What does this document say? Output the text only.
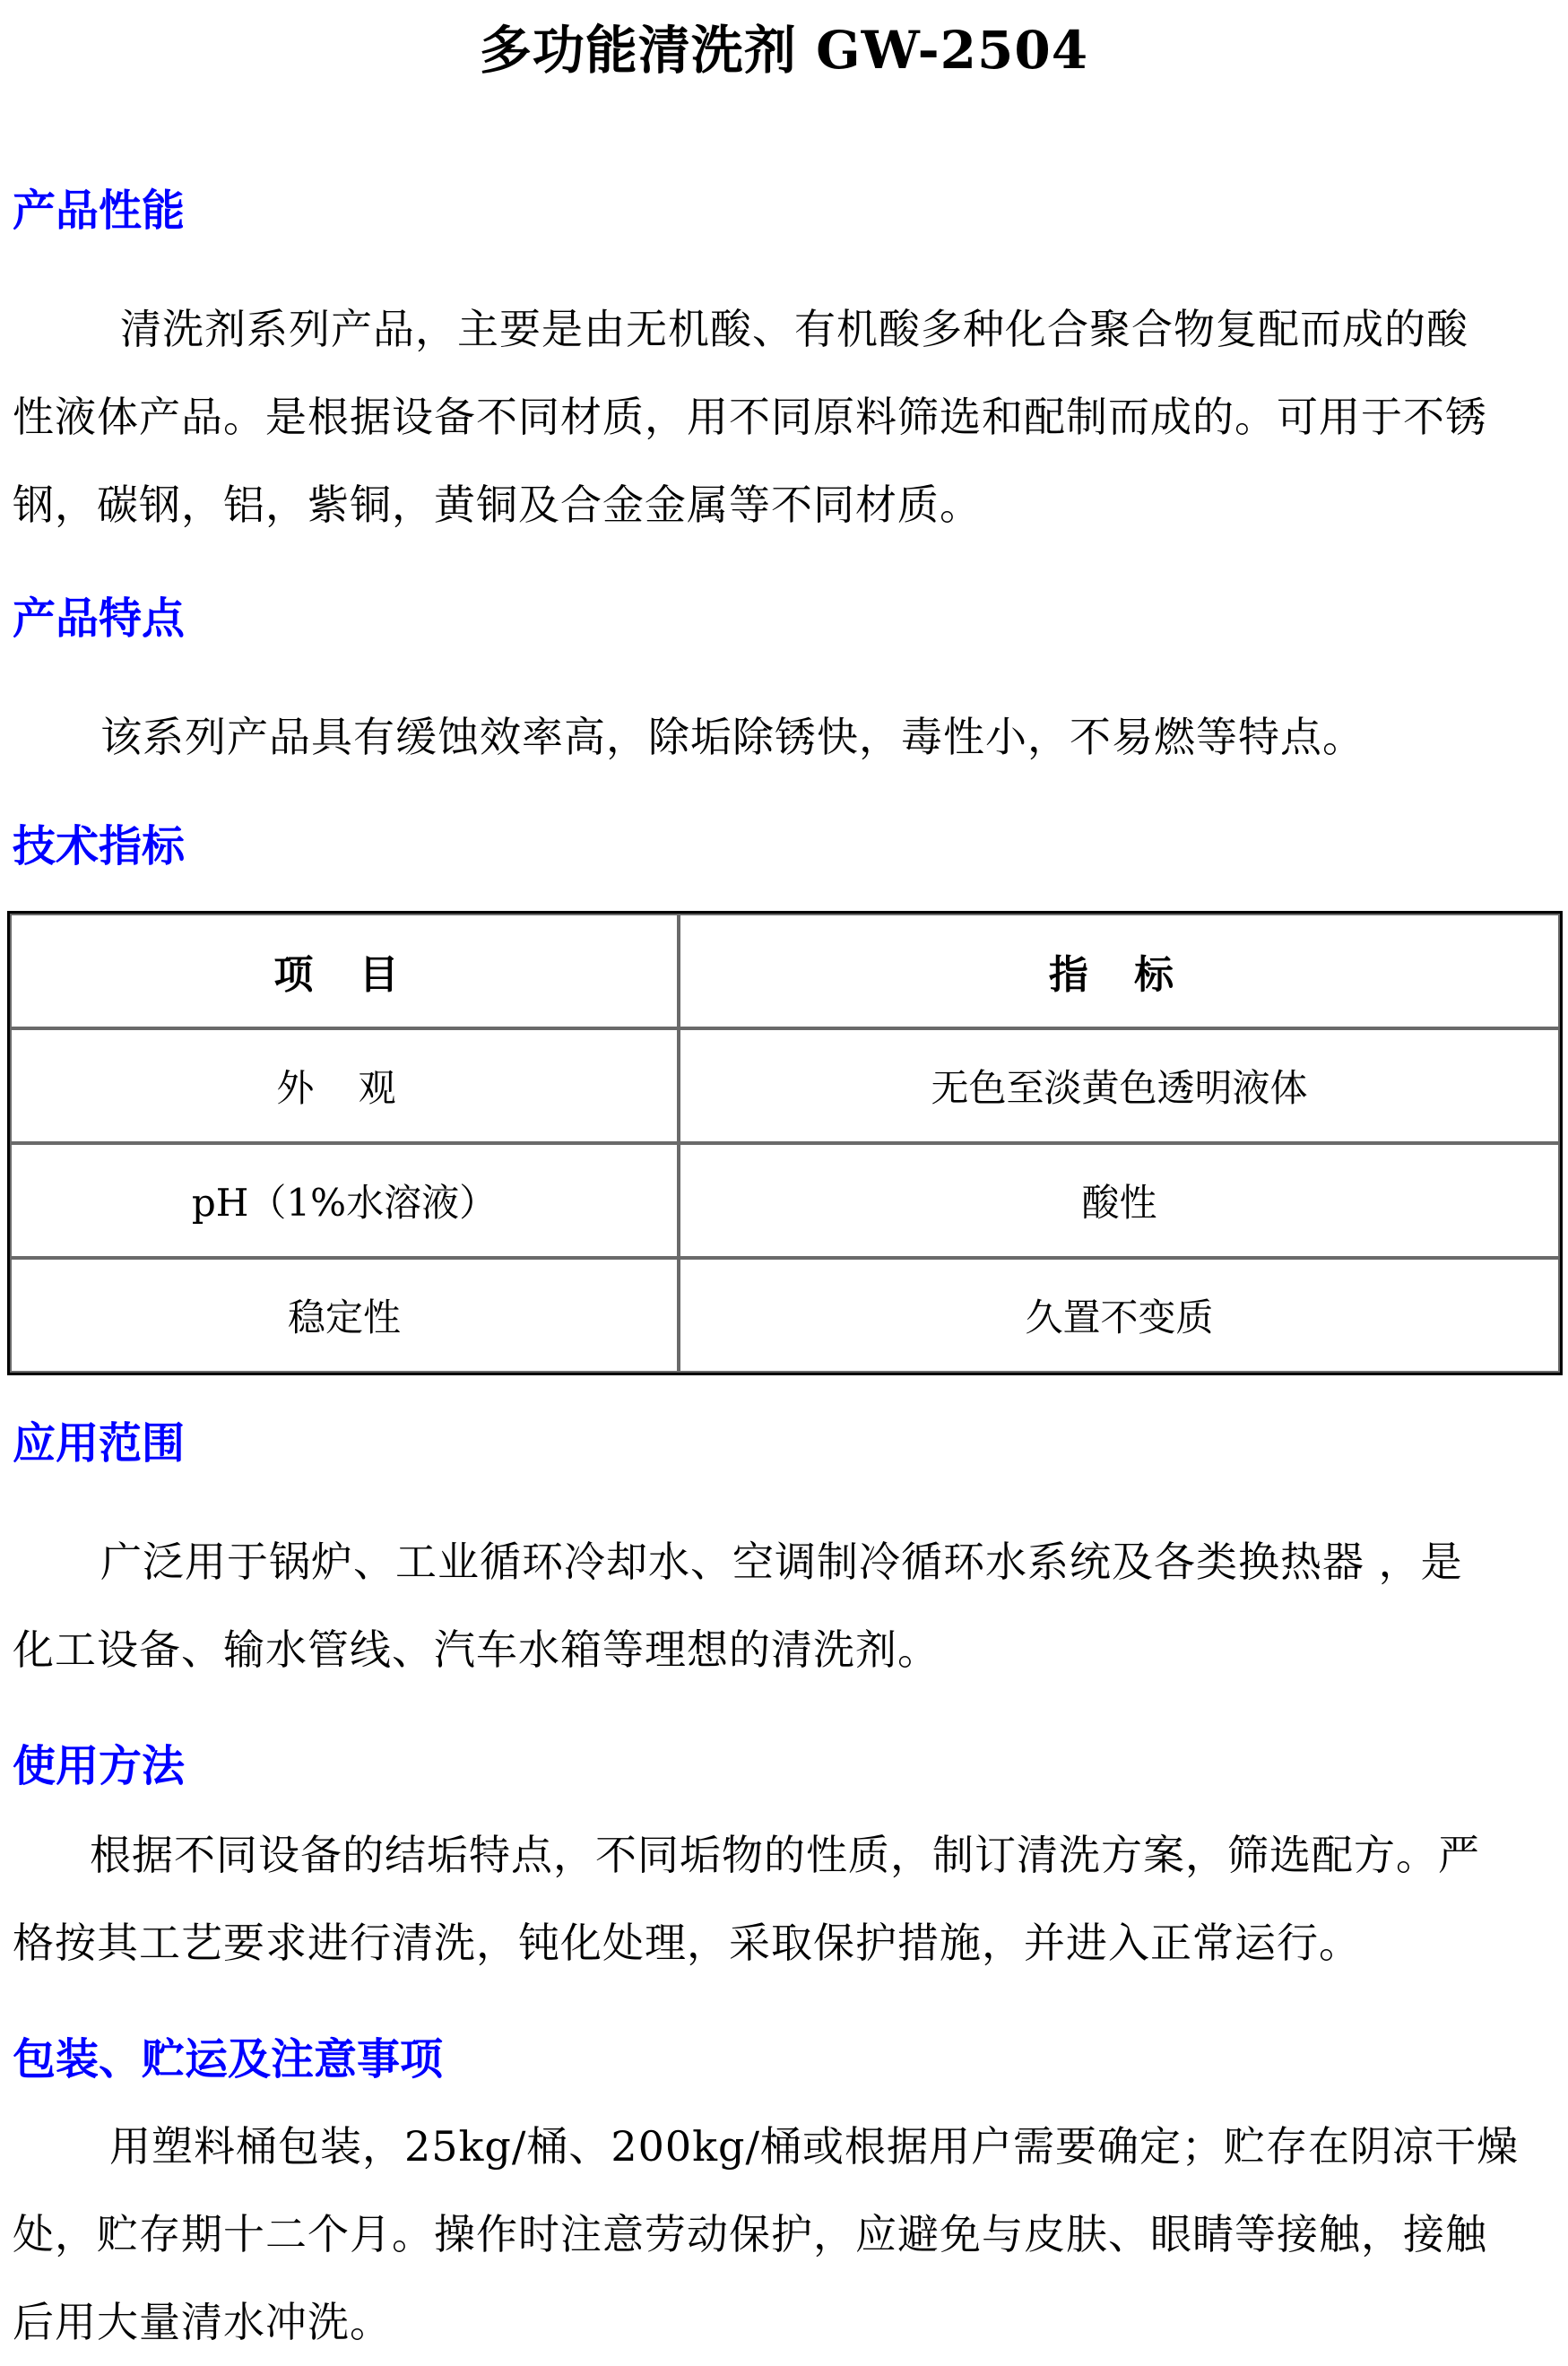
多功能清洗剂 GW-2504
产品性能

清洗剂系列产品，主要是由无机酸、有机酸多种化合聚合物复配而成的酸
性液体产品。是根据设备不同材质，用不同原料筛选和配制而成的。可用于不锈
钢，碳钢，铝，紫铜，黄铜及合金金属等不同材质。

产品特点

该系列产品具有缓蚀效率高，除垢除锈快，毒性小，不易燃等特点。

技术指标
项 目	指 标
外 观	无色至淡黄色透明液体
pH（1%水溶液）	酸性
稳定性	久置不变质
应用范围

广泛用于锅炉、工业循环冷却水、空调制冷循环水系统及各类换热器 ，是
化工设备、输水管线、汽车水箱等理想的清洗剂。

使用方法

根据不同设备的结垢特点，不同垢物的性质，制订清洗方案，筛选配方。严
格按其工艺要求进行清洗，钝化处理，采取保护措施，并进入正常运行。

包装、贮运及注意事项

用塑料桶包装，25kg/桶、200kg/桶或根据用户需要确定；贮存在阴凉干燥
处，贮存期十二个月。操作时注意劳动保护，应避免与皮肤、眼睛等接触，接触
后用大量清水冲洗。
